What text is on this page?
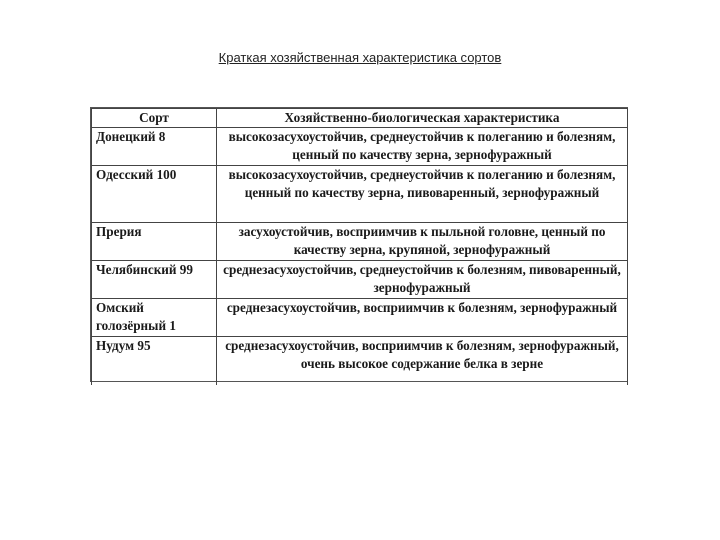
Краткая хозяйственная характеристика сортов
Сорт	Хозяйственно-биологическая характеристика
Донецкий 8	высокозасухоустойчив, среднеустойчив к полеганию и болезням, ценный по качеству зерна, зернофуражный
Одесский 100	высокозасухоустойчив, среднеустойчив к полеганию и болезням, ценный по качеству зерна, пивоваренный, зернофуражный
Прерия	засухоустойчив, восприимчив к пыльной головне, ценный по качеству зерна, крупяной, зернофуражный
Челябинский 99	среднезасухоустойчив, среднеустойчив к болезням, пивоваренный, зернофуражный
Омский голозёрный 1	среднезасухоустойчив, восприимчив к болезням, зернофуражный
Нудум 95	среднезасухоустойчив, восприимчив к болезням, зернофуражный, очень высокое содержание белка в зерне
